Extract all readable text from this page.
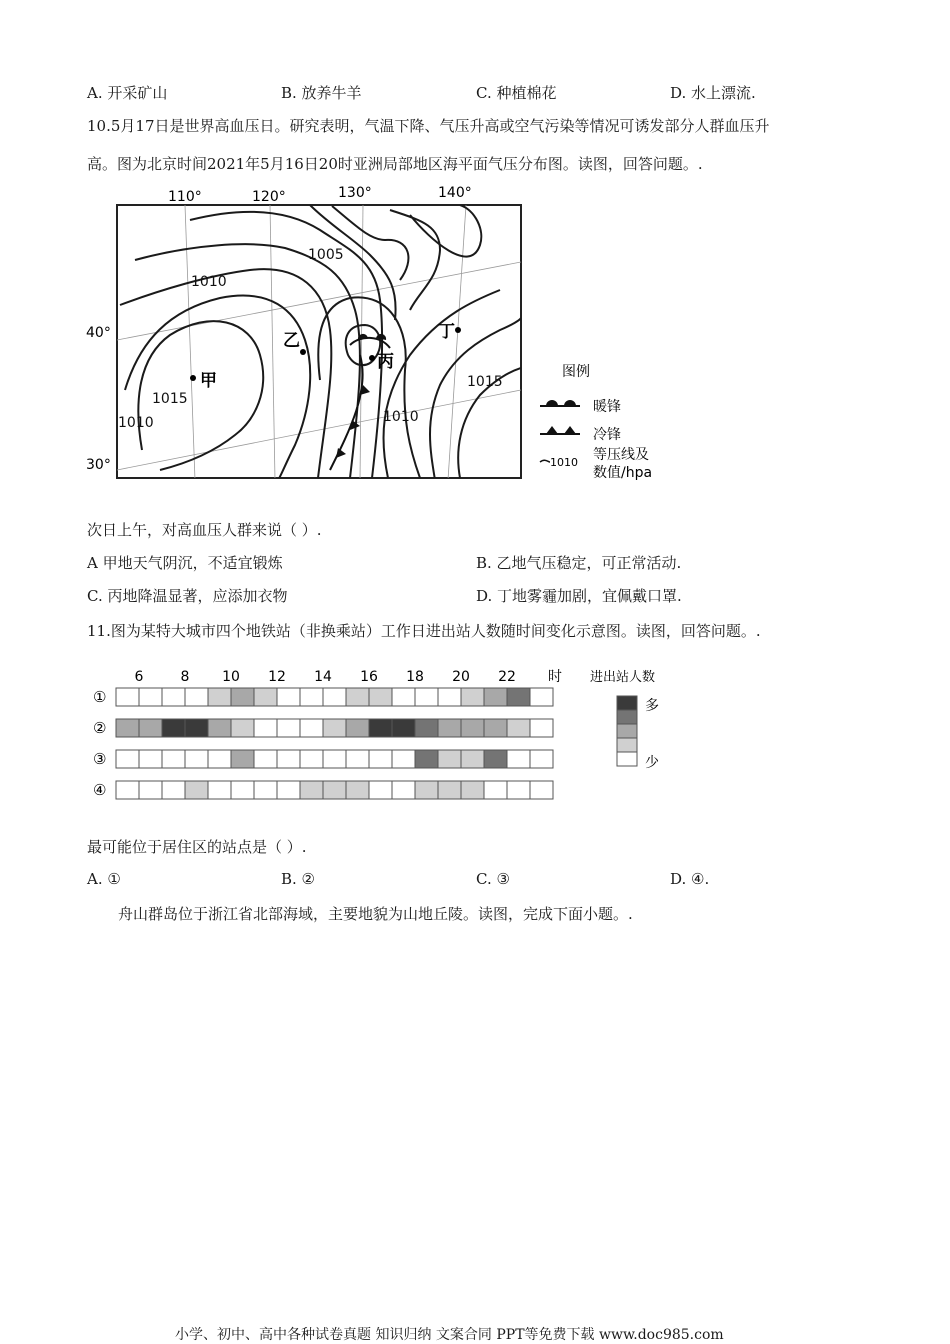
A. 开采矿山	B. 放养牛羊	C. 种植棉花	D. 水上漂流.
10.5月17日是世界高血压日。研究表明，气温下降、气压升高或空气污染等情况可诱发部分人群血压升
高。图为北京时间2021年5月16日20时亚洲局部地区海平面气压分布图。读图，回答问题。.
110°	120°	130°	140°
40°
30°
1005
1010
1015
1010	1010
1015
甲
乙
丙
丁
图例
暖锋
冷锋
1010 等压线及
数值/hpa
次日上午，对高血压人群来说（ ）.
A 甲地天气阴沉，不适宜锻炼	B. 乙地气压稳定，可正常活动.
C. 丙地降温显著，应添加衣物	D. 丁地雾霾加剧，宜佩戴口罩.
11.图为某特大城市四个地铁站（非换乘站）工作日进出站人数随时间变化示意图。读图，回答问题。.
6	8 10 12 14 16 18 20 22 时
①
②
③
④
进出站人数
多
少
最可能位于居住区的站点是（ ）.
A. ①	B. ②	C. ③	D. ④.
舟山群岛位于浙江省北部海域，主要地貌为山地丘陵。读图，完成下面小题。.
小学、初中、高中各种试卷真题 知识归纳 文案合同 PPT等免费下载 www.doc985.com
